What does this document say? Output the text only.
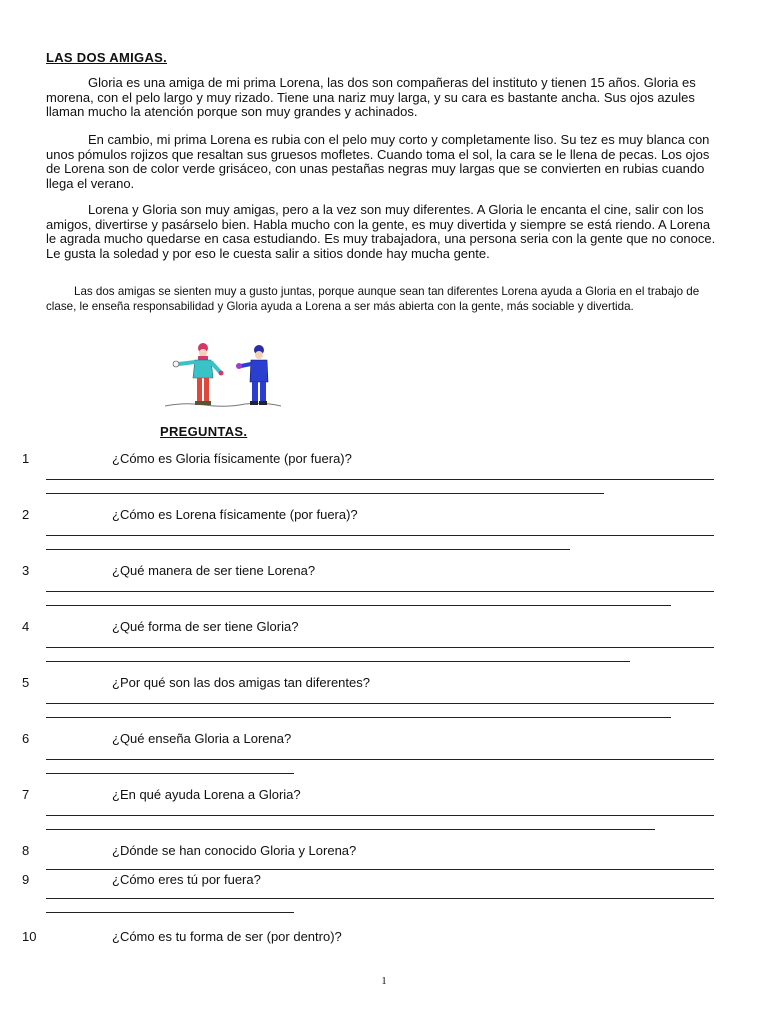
LAS DOS AMIGAS.

Gloria es una amiga de mi prima Lorena, las dos son compañeras del instituto y tienen 15 años. Gloria es morena, con el pelo largo y muy rizado. Tiene una nariz muy larga, y su cara es bastante ancha. Sus ojos azules llaman mucho la atención porque son muy grandes y achinados.

En cambio, mi prima Lorena es rubia con el pelo muy corto y completamente liso. Su tez es muy blanca con unos pómulos rojizos que resaltan sus gruesos mofletes. Cuando toma el sol, la cara se le llena de pecas. Los ojos de Lorena son de color verde grisáceo, con unas pestañas negras muy largas que se convierten en rubias cuando llega el verano.

Lorena y Gloria son muy amigas, pero a la vez son muy diferentes. A Gloria le encanta el cine, salir con los amigos, divertirse y pasárselo bien. Habla mucho con la gente, es muy divertida y siempre se está riendo. A Lorena le agrada mucho quedarse en casa estudiando. Es muy trabajadora, una persona seria con la gente que no conoce. Le gusta la soledad y por eso le cuesta salir a sitios donde hay mucha gente.

Las dos amigas se sienten muy a gusto juntas, porque aunque sean tan diferentes Lorena ayuda a Gloria en el trabajo de clase, le enseña responsabilidad y Gloria ayuda a Lorena a ser más abierta con la gente, más sociable y divertida.

PREGUNTAS.
1	¿Cómo es Gloria físicamente (por fuera)?
2	¿Cómo es Lorena físicamente (por fuera)?
3	¿Qué manera de ser tiene Lorena?
4	¿Qué forma de ser tiene Gloria?
5	¿Por qué son las dos amigas tan diferentes?
6	¿Qué enseña Gloria a Lorena?
7	¿En qué ayuda Lorena a Gloria?
8	¿Dónde se han conocido Gloria y Lorena?
9	¿Cómo eres tú por fuera?
10	¿Cómo es tu forma de ser (por dentro)?
1
